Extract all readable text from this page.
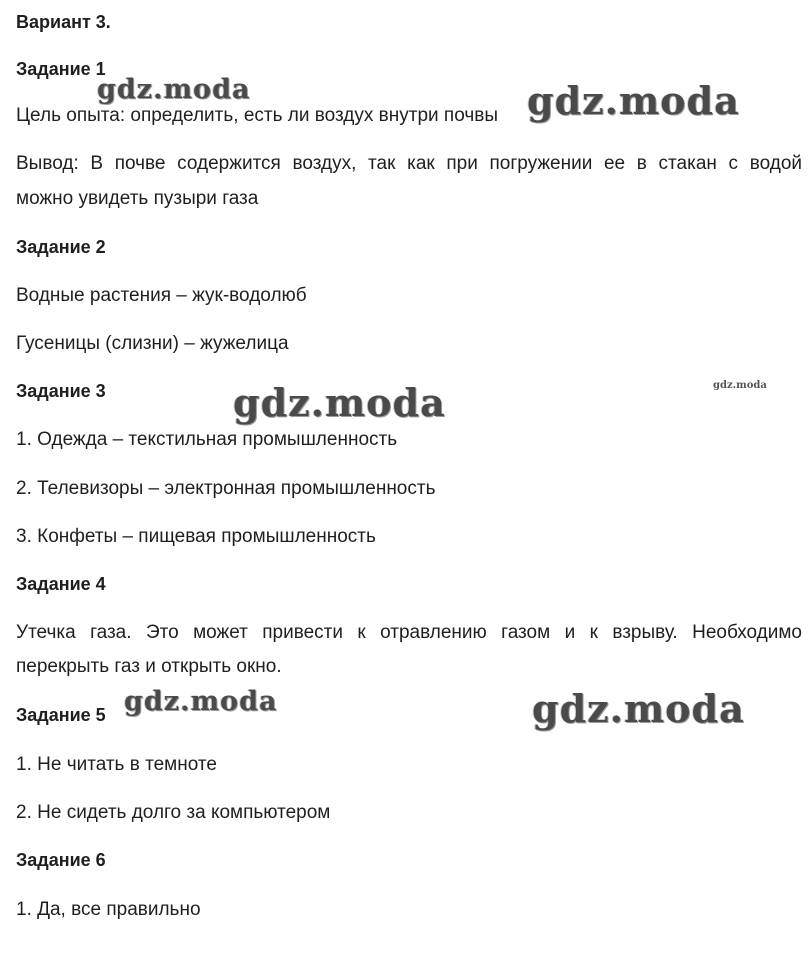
Вариант 3.
Задание 1
Цель опыта: определить, есть ли воздух внутри почвы
Вывод: В почве содержится воздух, так как при погружении ее в стакан с водой
можно увидеть пузыри газа
Задание 2
Водные растения – жук-водолюб
Гусеницы (слизни) – жужелица
Задание 3
1. Одежда – текстильная промышленность
2. Телевизоры – электронная промышленность
3. Конфеты – пищевая промышленность
Задание 4
Утечка газа. Это может привести к отравлению газом и к взрыву. Необходимо
перекрыть газ и открыть окно.
Задание 5
1. Не читать в темноте
2. Не сидеть долго за компьютером
Задание 6
1. Да, все правильно
gdz.moda	gdz.moda
gdz.moda	gdz.moda
gdz.moda	gdz.moda
